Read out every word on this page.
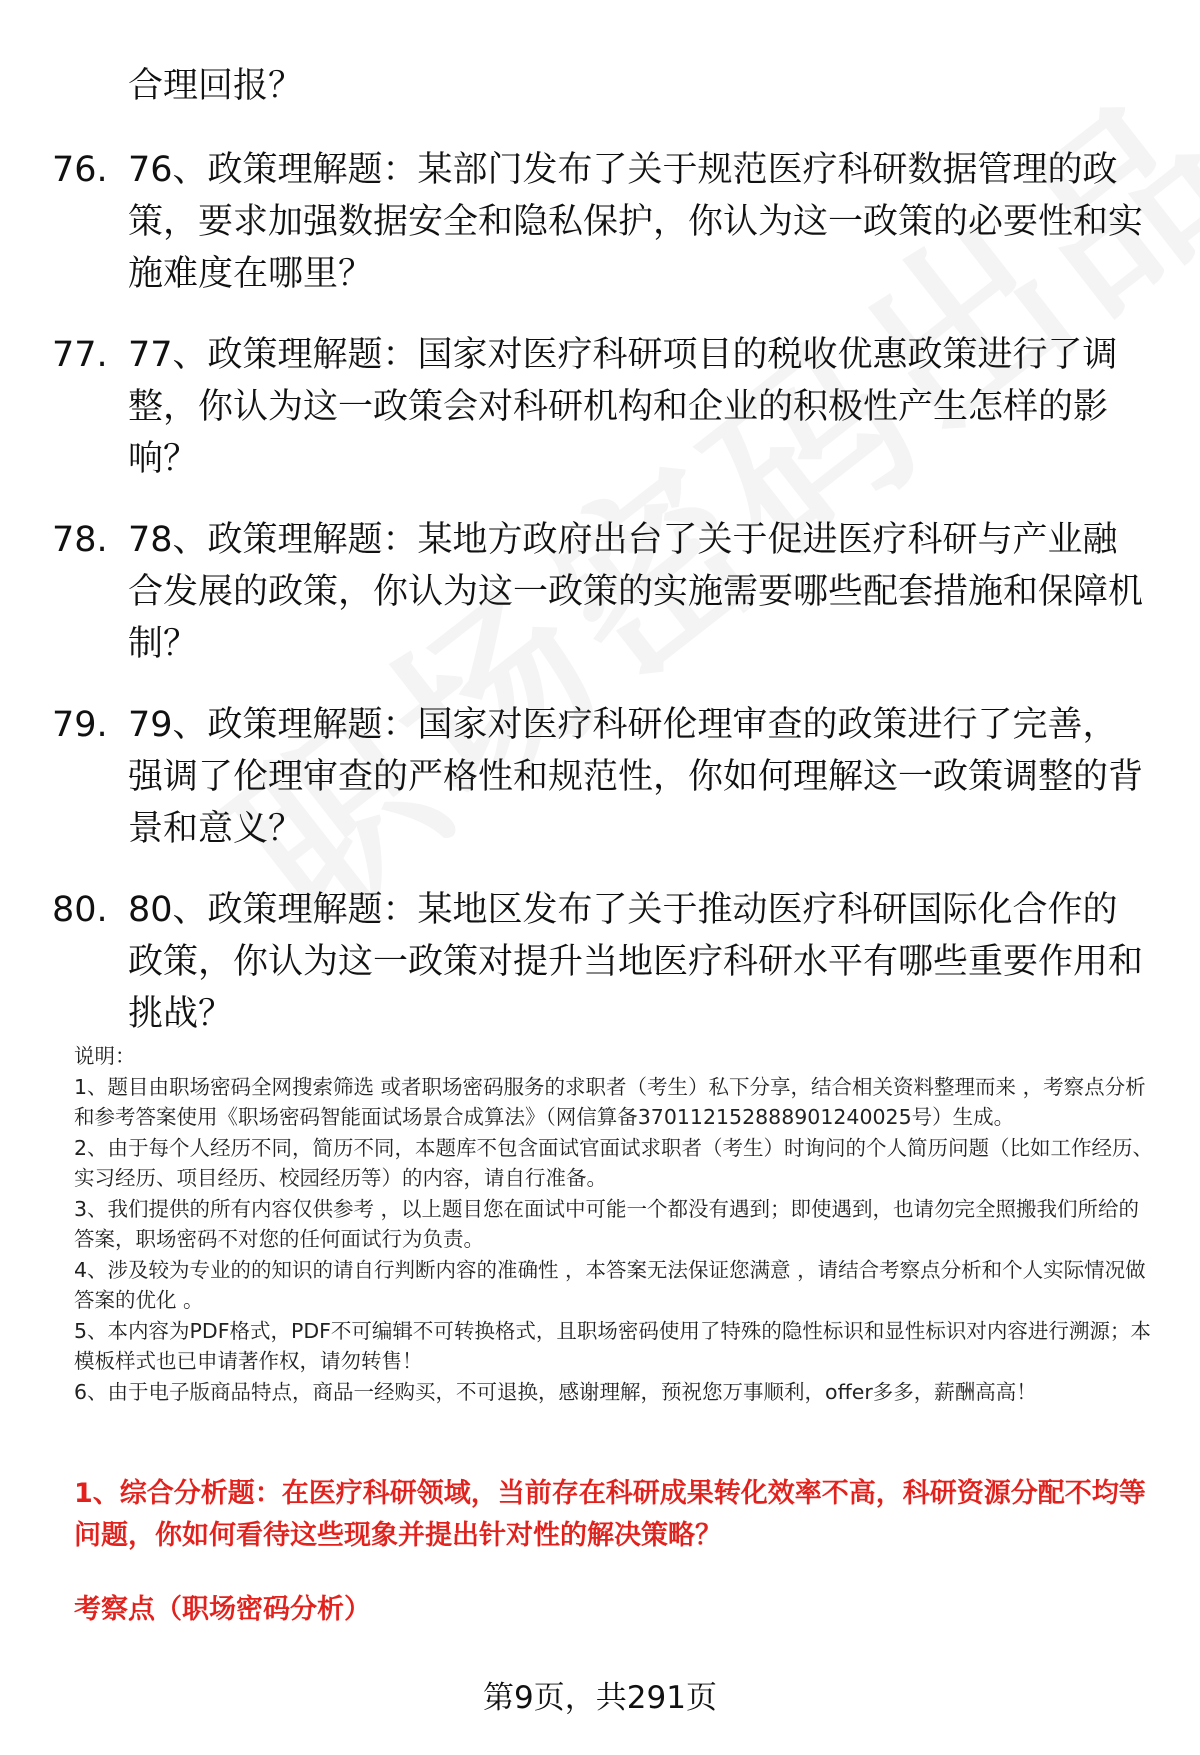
合理回报？
76. 76、政策理解题：某部门发布了关于规范医疗科研数据管理的政策，要求加强数据安全和隐私保护，你认为这一政策的必要性和实施难度在哪里？
77. 77、政策理解题：国家对医疗科研项目的税收优惠政策进行了调整，你认为这一政策会对科研机构和企业的积极性产生怎样的影响？
78. 78、政策理解题：某地方政府出台了关于促进医疗科研与产业融合发展的政策，你认为这一政策的实施需要哪些配套措施和保障机制？
79. 79、政策理解题：国家对医疗科研伦理审查的政策进行了完善，强调了伦理审查的严格性和规范性，你如何理解这一政策调整的背景和意义？
80. 80、政策理解题：某地区发布了关于推动医疗科研国际化合作的政策，你认为这一政策对提升当地医疗科研水平有哪些重要作用和挑战？

说明：

1、题目由职场密码全网搜索筛选 或者职场密码服务的求职者（考生）私下分享，结合相关资料整理而来 ，考察点分析和参考答案使用《职场密码智能面试场景合成算法》（网信算备370112152888901240025号）生成。

2、由于每个人经历不同，简历不同，本题库不包含面试官面试求职者（考生）时询问的个人简历问题（比如工作经历、实习经历、项目经历、校园经历等）的内容，请自行准备。

3、我们提供的所有内容仅供参考 ，以上题目您在面试中可能一个都没有遇到；即使遇到，也请勿完全照搬我们所给的答案，职场密码不对您的任何面试行为负责。

4、涉及较为专业的的知识的请自行判断内容的准确性 ，本答案无法保证您满意 ，请结合考察点分析和个人实际情况做答案的优化 。

5、本内容为PDF格式，PDF不可编辑不可转换格式，且职场密码使用了特殊的隐性标识和显性标识对内容进行溯源；本模板样式也已申请著作权，请勿转售！

6、由于电子版商品特点，商品一经购买，不可退换，感谢理解，预祝您万事顺利，offer多多，薪酬高高！

1、综合分析题：在医疗科研领域，当前存在科研成果转化效率不高，科研资源分配不均等问题，你如何看待这些现象并提出针对性的解决策略？
考察点（职场密码分析）
第9页，共291页
